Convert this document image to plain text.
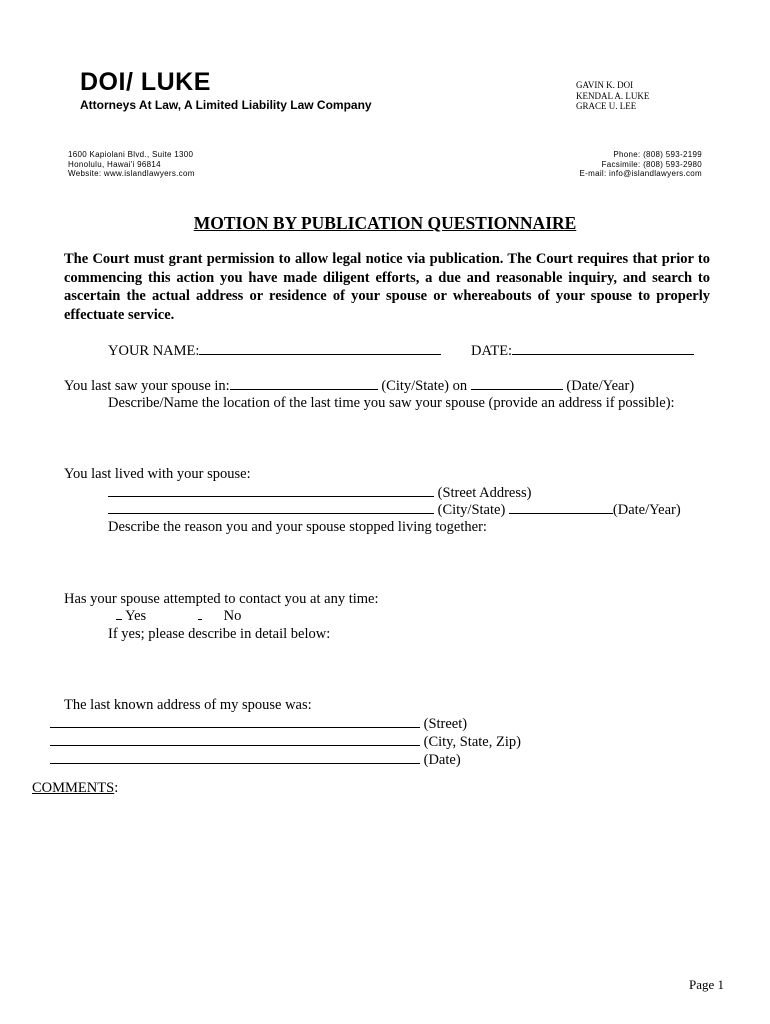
DOI/ LUKE
Attorneys At Law, A Limited Liability Law Company
GAVIN K. DOI
KENDAL A. LUKE
GRACE U. LEE
1600 Kapiolani Blvd., Suite 1300
Honolulu, Hawai'i 96814
Website: www.islandlawyers.com
Phone: (808) 593-2199
Facsimile: (808) 593-2980
E-mail: info@islandlawyers.com
MOTION BY PUBLICATION QUESTIONNAIRE
The Court must grant permission to allow legal notice via publication. The Court requires that prior to commencing this action you have made diligent efforts, a due and reasonable inquiry, and search to ascertain the actual address or residence of your spouse or whereabouts of your spouse to properly effectuate service.
YOUR NAME:	DATE:
You last saw your spouse in:	(City/State) on	(Date/Year)
Describe/Name the location of the last time you saw your spouse (provide an address if possible):
You last lived with your spouse:
(Street Address)
(City/State)	(Date/Year)
Describe the reason you and your spouse stopped living together:
Has your spouse attempted to contact you at any time:
Yes	No
If yes; please describe in detail below:
The last known address of my spouse was:
(Street)
(City, State, Zip)
(Date)
COMMENTS:
Page 1
